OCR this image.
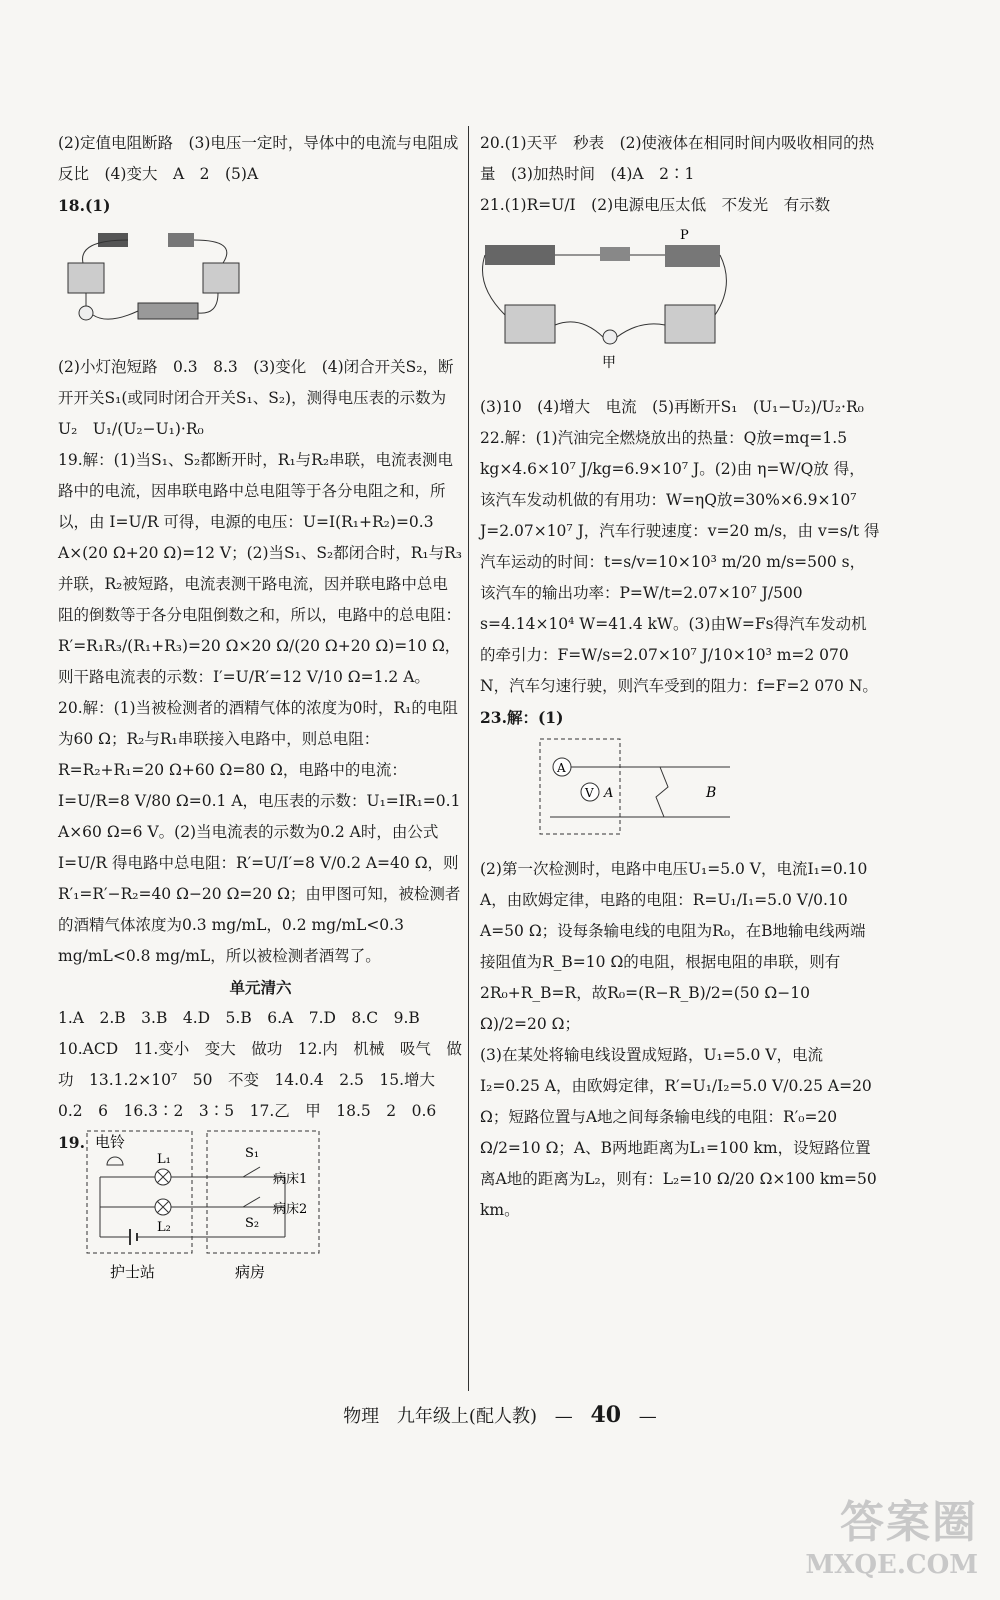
(2)定值电阻断路　(3)电压一定时，导体中的电流与电阻成反比　(4)变大　A　2　(5)A

18.(1)

(2)小灯泡短路　0.3　8.3　(3)变化　(4)闭合开关S₂，断开开关S₁(或同时闭合开关S₁、S₂)，测得电压表的示数为U₂　U₁/(U₂−U₁)·R₀

19.解：(1)当S₁、S₂都断开时，R₁与R₂串联，电流表测电路中的电流，因串联电路中总电阻等于各分电阻之和，所以，由 I=U/R 可得，电源的电压：U=I(R₁+R₂)=0.3 A×(20 Ω+20 Ω)=12 V；(2)当S₁、S₂都闭合时，R₁与R₃并联，R₂被短路，电流表测干路电流，因并联电路中总电阻的倒数等于各分电阻倒数之和，所以，电路中的总电阻：R′=R₁R₃/(R₁+R₃)=20 Ω×20 Ω/(20 Ω+20 Ω)=10 Ω，则干路电流表的示数：I′=U/R′=12 V/10 Ω=1.2 A。

20.解：(1)当被检测者的酒精气体的浓度为0时，R₁的电阻为60 Ω；R₂与R₁串联接入电路中，则总电阻：R=R₂+R₁=20 Ω+60 Ω=80 Ω，电路中的电流：I=U/R=8 V/80 Ω=0.1 A，电压表的示数：U₁=IR₁=0.1 A×60 Ω=6 V。(2)当电流表的示数为0.2 A时，由公式 I=U/R 得电路中总电阻：R′=U/I′=8 V/0.2 A=40 Ω，则R′₁=R′−R₂=40 Ω−20 Ω=20 Ω；由甲图可知，被检测者的酒精气体浓度为0.3 mg/mL，0.2 mg/mL<0.3 mg/mL<0.8 mg/mL，所以被检测者酒驾了。

单元清六

1.A　2.B　3.B　4.D　5.B　6.A　7.D　8.C　9.B

10.ACD　11.变小　变大　做功　12.内　机械　吸气　做功　13.1.2×10⁷　50　不变　14.0.4　2.5　15.增大　0.2　6　16.3∶2　3∶5　17.乙　甲　18.5　2　0.6

19. 电铃
L₁
L₂
S₁
S₂
病床1
病床2
护士站	病房

20.(1)天平　秒表　(2)使液体在相同时间内吸收相同的热量　(3)加热时间　(4)A　2∶1

21.(1)R=U/I　(2)电源电压太低　不发光　有示数

P
甲

(3)10　(4)增大　电流　(5)再断开S₁　(U₁−U₂)/U₂·R₀

22.解：(1)汽油完全燃烧放出的热量：Q放=mq=1.5 kg×4.6×10⁷ J/kg=6.9×10⁷ J。(2)由 η=W/Q放 得，该汽车发动机做的有用功：W=ηQ放=30%×6.9×10⁷ J=2.07×10⁷ J，汽车行驶速度：v=20 m/s，由 v=s/t 得汽车运动的时间：t=s/v=10×10³ m/20 m/s=500 s，该汽车的输出功率：P=W/t=2.07×10⁷ J/500 s=4.14×10⁴ W=41.4 kW。(3)由W=Fs得汽车发动机的牵引力：F=W/s=2.07×10⁷ J/10×10³ m=2 070 N，汽车匀速行驶，则汽车受到的阻力：f=F=2 070 N。

23.解：(1)

A
V A	B

(2)第一次检测时，电路中电压U₁=5.0 V，电流I₁=0.10 A，由欧姆定律，电路的电阻：R=U₁/I₁=5.0 V/0.10 A=50 Ω；设每条输电线的电阻为R₀，在B地输电线两端接阻值为R_B=10 Ω的电阻，根据电阻的串联，则有2R₀+R_B=R，故R₀=(R−R_B)/2=(50 Ω−10 Ω)/2=20 Ω；

(3)在某处将输电线设置成短路，U₁=5.0 V，电流I₂=0.25 A，由欧姆定律，R′=U₁/I₂=5.0 V/0.25 A=20 Ω；短路位置与A地之间每条输电线的电阻：R′₀=20 Ω/2=10 Ω；A、B两地距离为L₁=100 km，设短路位置离A地的距离为L₂，则有：L₂=10 Ω/20 Ω×100 km=50 km。

物理 九年级上(配人教) — 40 —
答案圈
MXQE.COM
